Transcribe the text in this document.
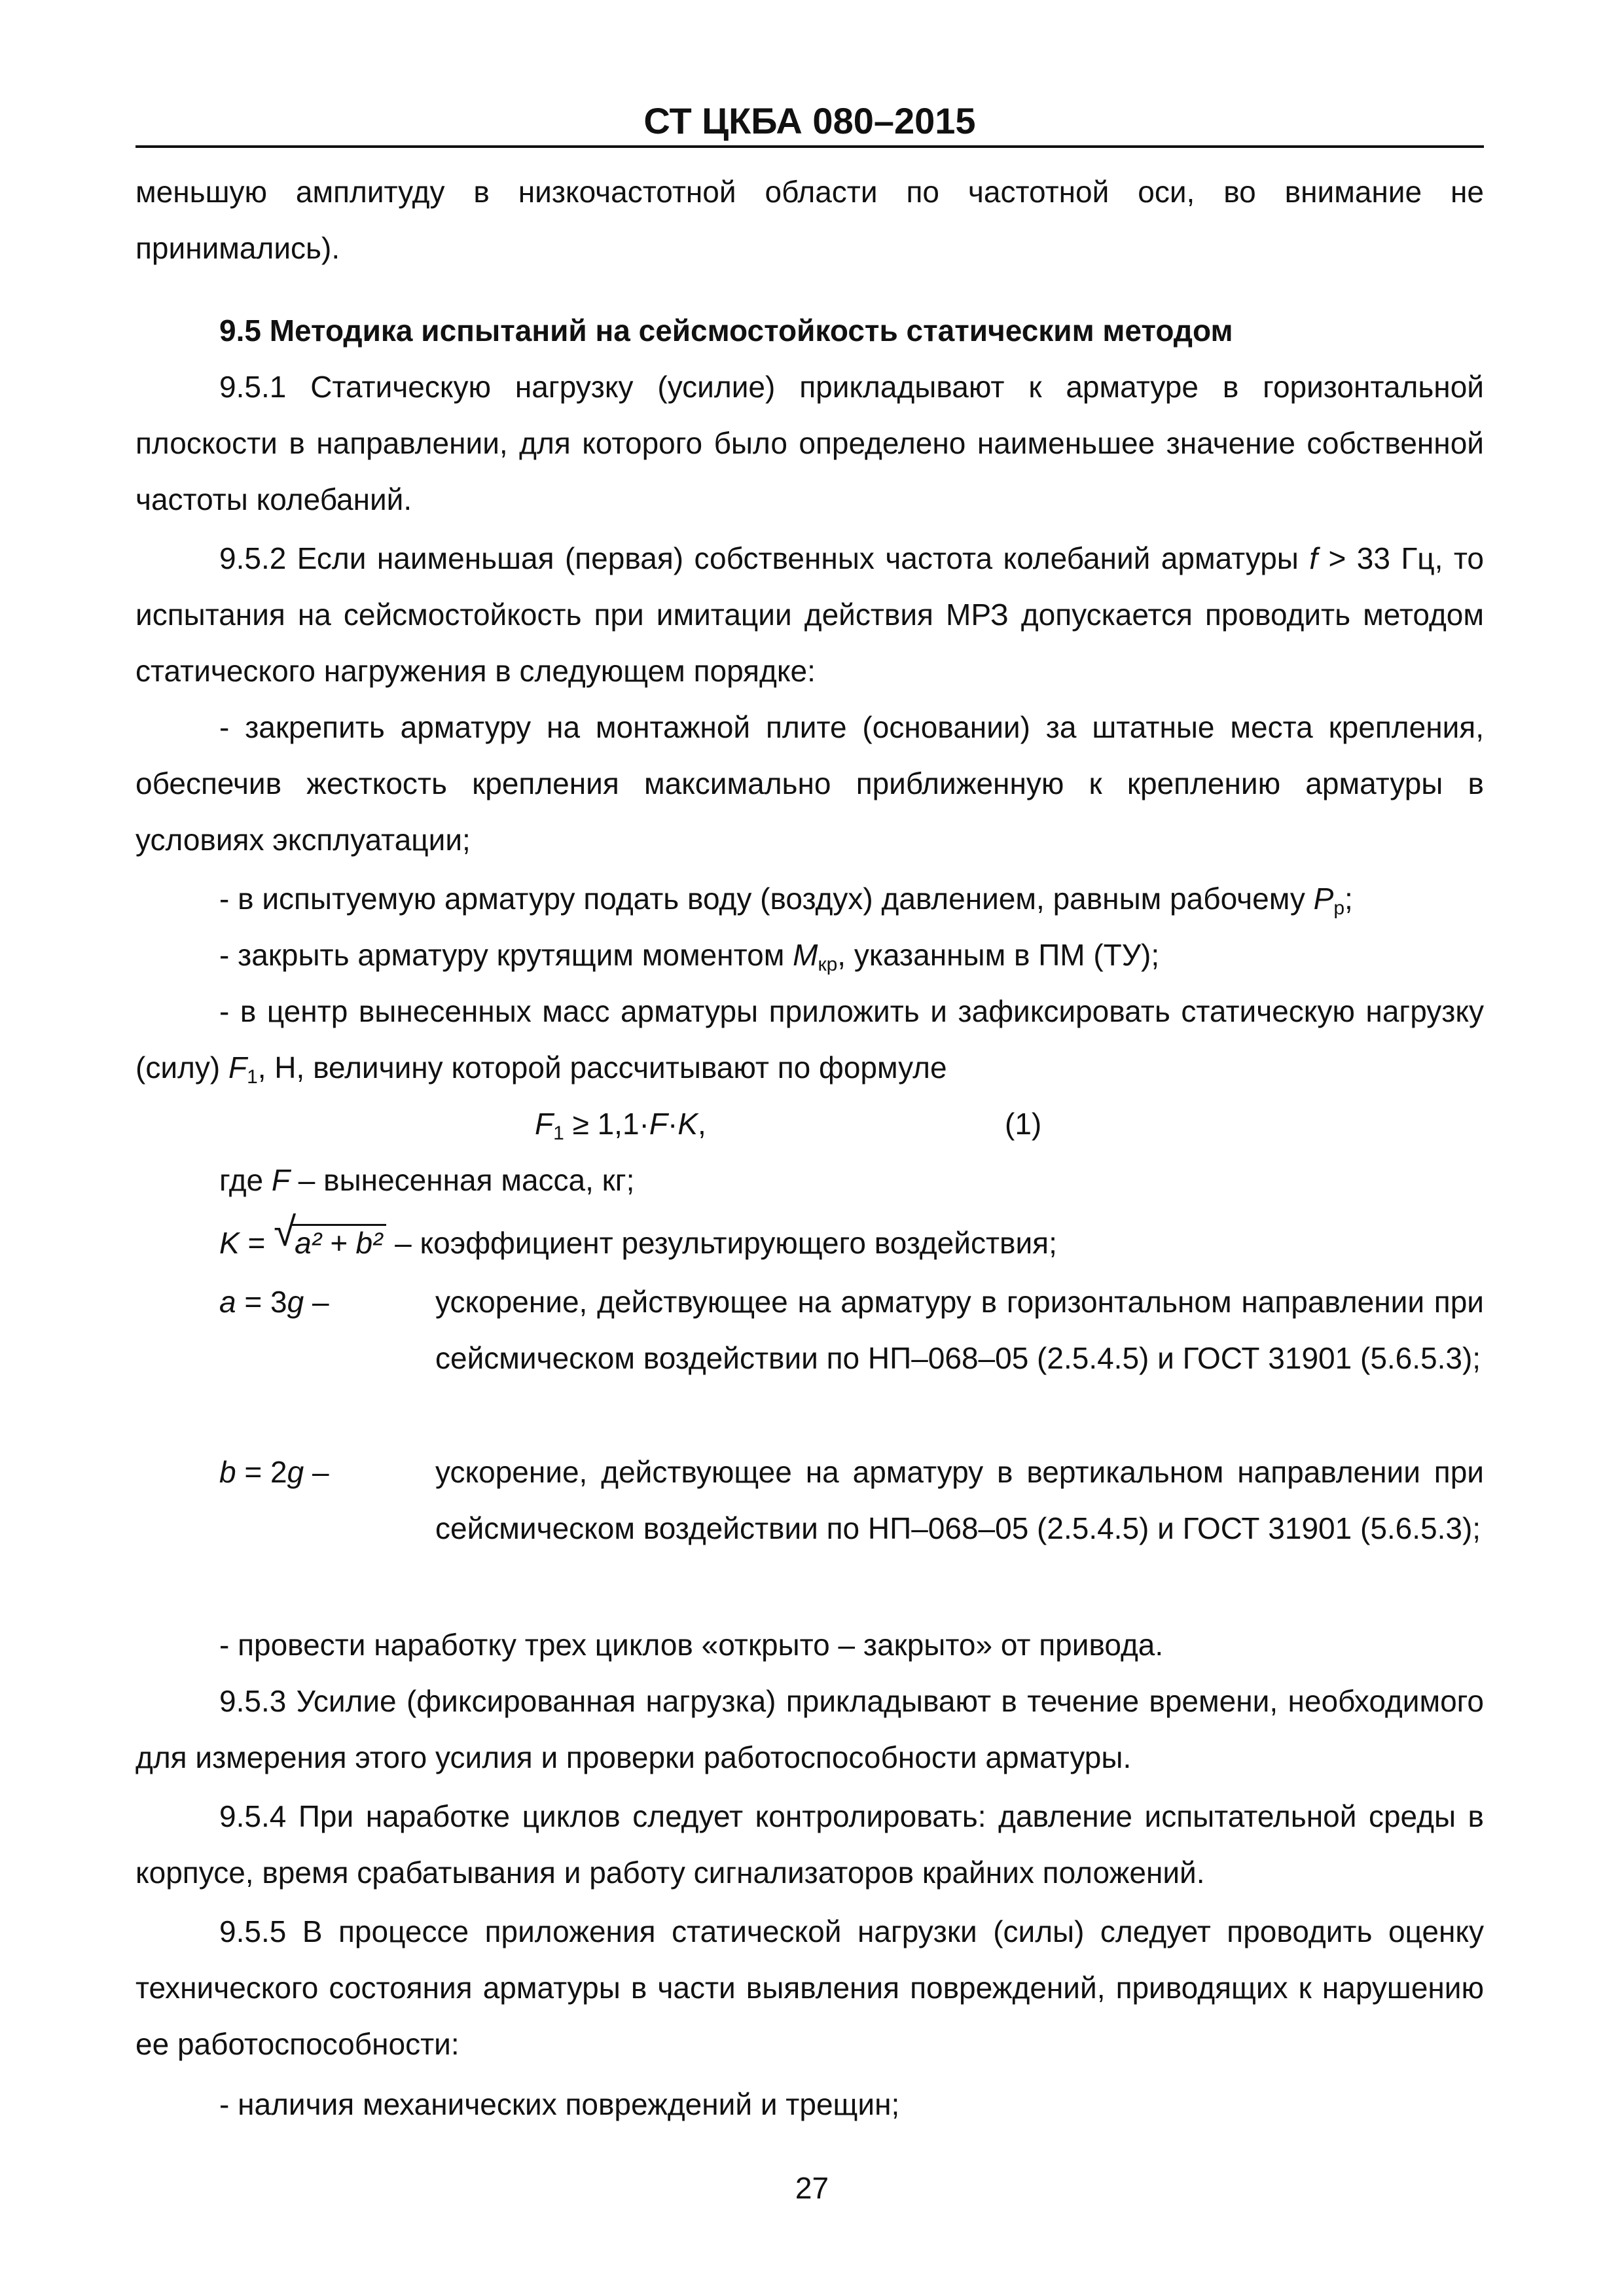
СТ ЦКБА 080–2015
меньшую амплитуду в низкочастотной области по частотной оси, во внимание не принимались).
9.5 Методика испытаний на сейсмостойкость статическим методом
9.5.1 Статическую нагрузку (усилие) прикладывают к арматуре в горизонтальной плоскости в направлении, для которого было определено наименьшее значение собственной частоты колебаний.
9.5.2 Если наименьшая (первая) собственных частота колебаний арматуры f > 33 Гц, то испытания на сейсмостойкость при имитации действия МРЗ допускается проводить методом статического нагружения в следующем порядке:
- закрепить арматуру на монтажной плите (основании) за штатные места крепления, обеспечив жесткость крепления максимально приближенную к креплению арматуры в условиях эксплуатации;
- в испытуемую арматуру подать воду (воздух) давлением, равным рабочему $P_р$;
- закрыть арматуру крутящим моментом $M_{кр}$, указанным в ПМ (ТУ);
- в центр вынесенных масс арматуры приложить и зафиксировать статическую нагрузку (силу) $F_1$, Н, величину которой рассчитывают по формуле
$F_1 \ge 1,1\cdot F\cdot K$,	(1)
где F – вынесенная масса, кг;
K = √
a² + b² – коэффициент результирующего воздействия;
a = 3g –	ускорение, действующее на арматуру в горизонтальном направлении при сейсмическом воздействии по НП–068–05 (2.5.4.5) и ГОСТ 31901 (5.6.5.3);
b = 2g –	ускорение, действующее на арматуру в вертикальном направлении при сейсмическом воздействии по НП–068–05 (2.5.4.5) и ГОСТ 31901 (5.6.5.3);
- провести наработку трех циклов «открыто – закрыто» от привода.
9.5.3 Усилие (фиксированная нагрузка) прикладывают в течение времени, необходимого для измерения этого усилия и проверки работоспособности арматуры.
9.5.4 При наработке циклов следует контролировать: давление испытательной среды в корпусе, время срабатывания и работу сигнализаторов крайних положений.
9.5.5 В процессе приложения статической нагрузки (силы) следует проводить оценку технического состояния арматуры в части выявления повреждений, приводящих к нарушению ее работоспособности:
- наличия механических повреждений и трещин;
27
